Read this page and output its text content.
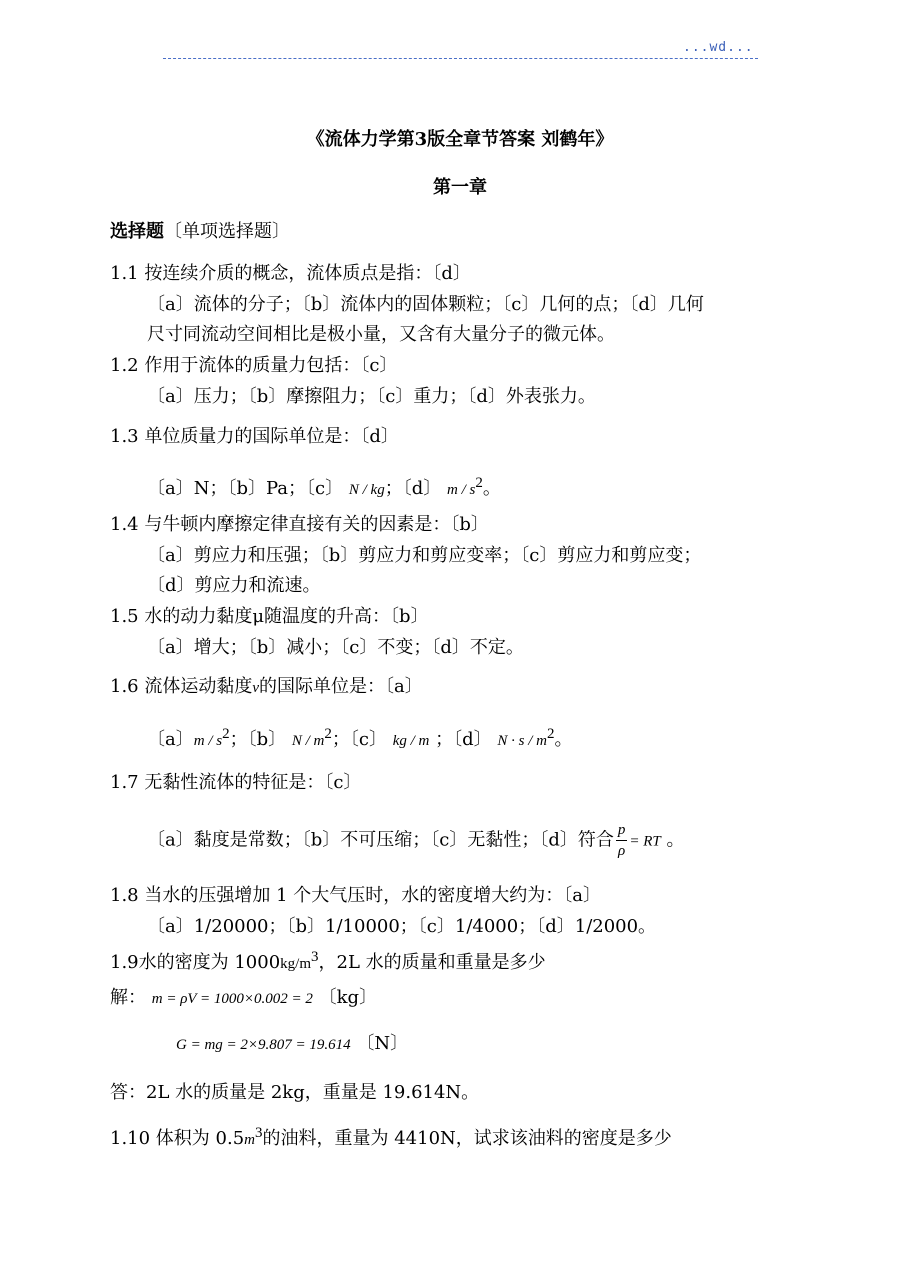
...wd...
《流体力学第3版全章节答案 刘鹤年》
第一章
选择题〔单项选择题〕
1.1 按连续介质的概念，流体质点是指：〔d〕
〔a〕流体的分子；〔b〕流体内的固体颗粒；〔c〕几何的点；〔d〕几何
尺寸同流动空间相比是极小量，又含有大量分子的微元体。
1.2 作用于流体的质量力包括：〔c〕
〔a〕压力；〔b〕摩擦阻力；〔c〕重力；〔d〕外表张力。
1.3 单位质量力的国际单位是：〔d〕
〔a〕N；〔b〕Pa；〔c〕 N / kg；〔d〕 m / $s^2$。
1.4 与牛顿内摩擦定律直接有关的因素是：〔b〕
〔a〕剪应力和压强；〔b〕剪应力和剪应变率；〔c〕剪应力和剪应变；
〔d〕剪应力和流速。
1.5 水的动力黏度μ随温度的升高：〔b〕
〔a〕增大；〔b〕减小；〔c〕不变；〔d〕不定。
1.6 流体运动黏度ν的国际单位是：〔a〕
〔a〕m / $s^2$；〔b〕 N / $m^2$；〔c〕 kg / m ；〔d〕 $N \cdot s / m^2$。
1.7 无黏性流体的特征是：〔c〕
〔a〕黏度是常数；〔b〕不可压缩；〔c〕无黏性；〔d〕符合 $\frac{p}{\rho}$ = RT 。
1.8 当水的压强增加 1 个大气压时，水的密度增大约为：〔a〕
〔a〕1/20000；〔b〕1/10000；〔c〕1/4000；〔d〕1/2000。
1.9水的密度为 $1000kg/m^3$，2L 水的质量和重量是多少
解： m = ρV = 1000×0.002 = 2 〔kg〕
G = mg = 2×9.807 = 19.614 〔N〕
答：2L 水的质量是 2kg，重量是 19.614N。
1.10 体积为 $0.5m^3$的油料，重量为 4410N，试求该油料的密度是多少
